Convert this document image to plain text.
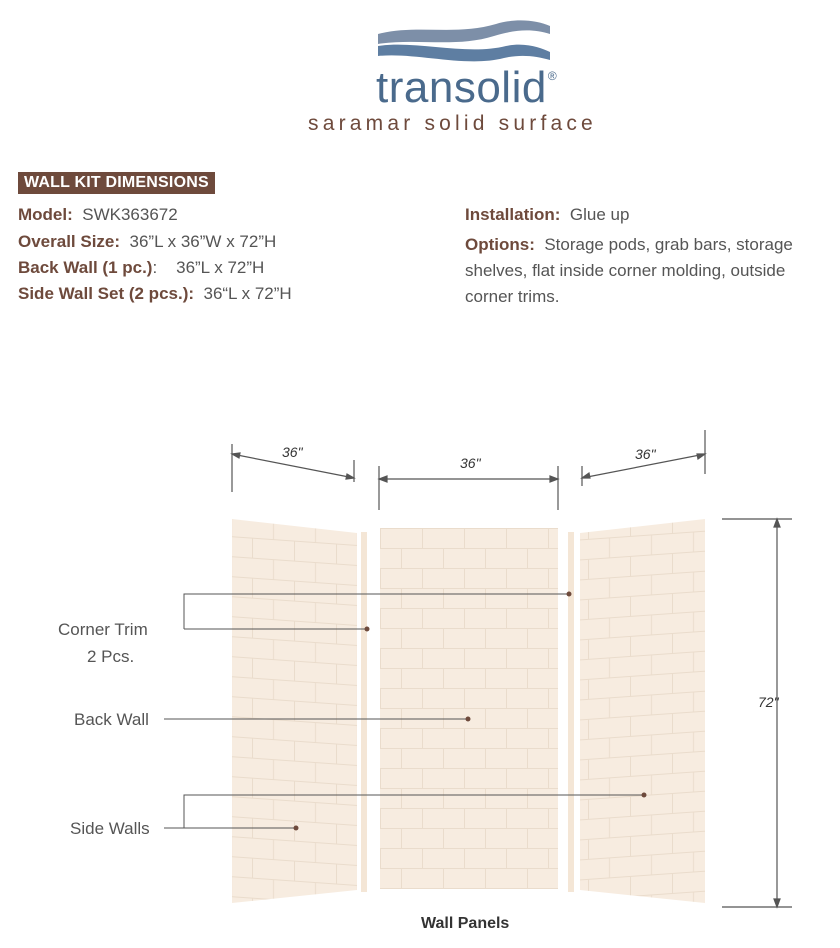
transolid®
saramar solid surface
WALL KIT DIMENSIONS
Model: SWK363672
Overall Size: 36”L x 36”W x 72”H
Back Wall (1 pc.): 36”L x 72”H
Side Wall Set (2 pcs.): 36“L x 72”H
Installation: Glue up
Options: Storage pods, grab bars, storage shelves, flat inside corner molding, outside corner trims.
36"
36"
36"
72"
Corner Trim
2 Pcs.
Back Wall
Side Walls
Wall Panels
